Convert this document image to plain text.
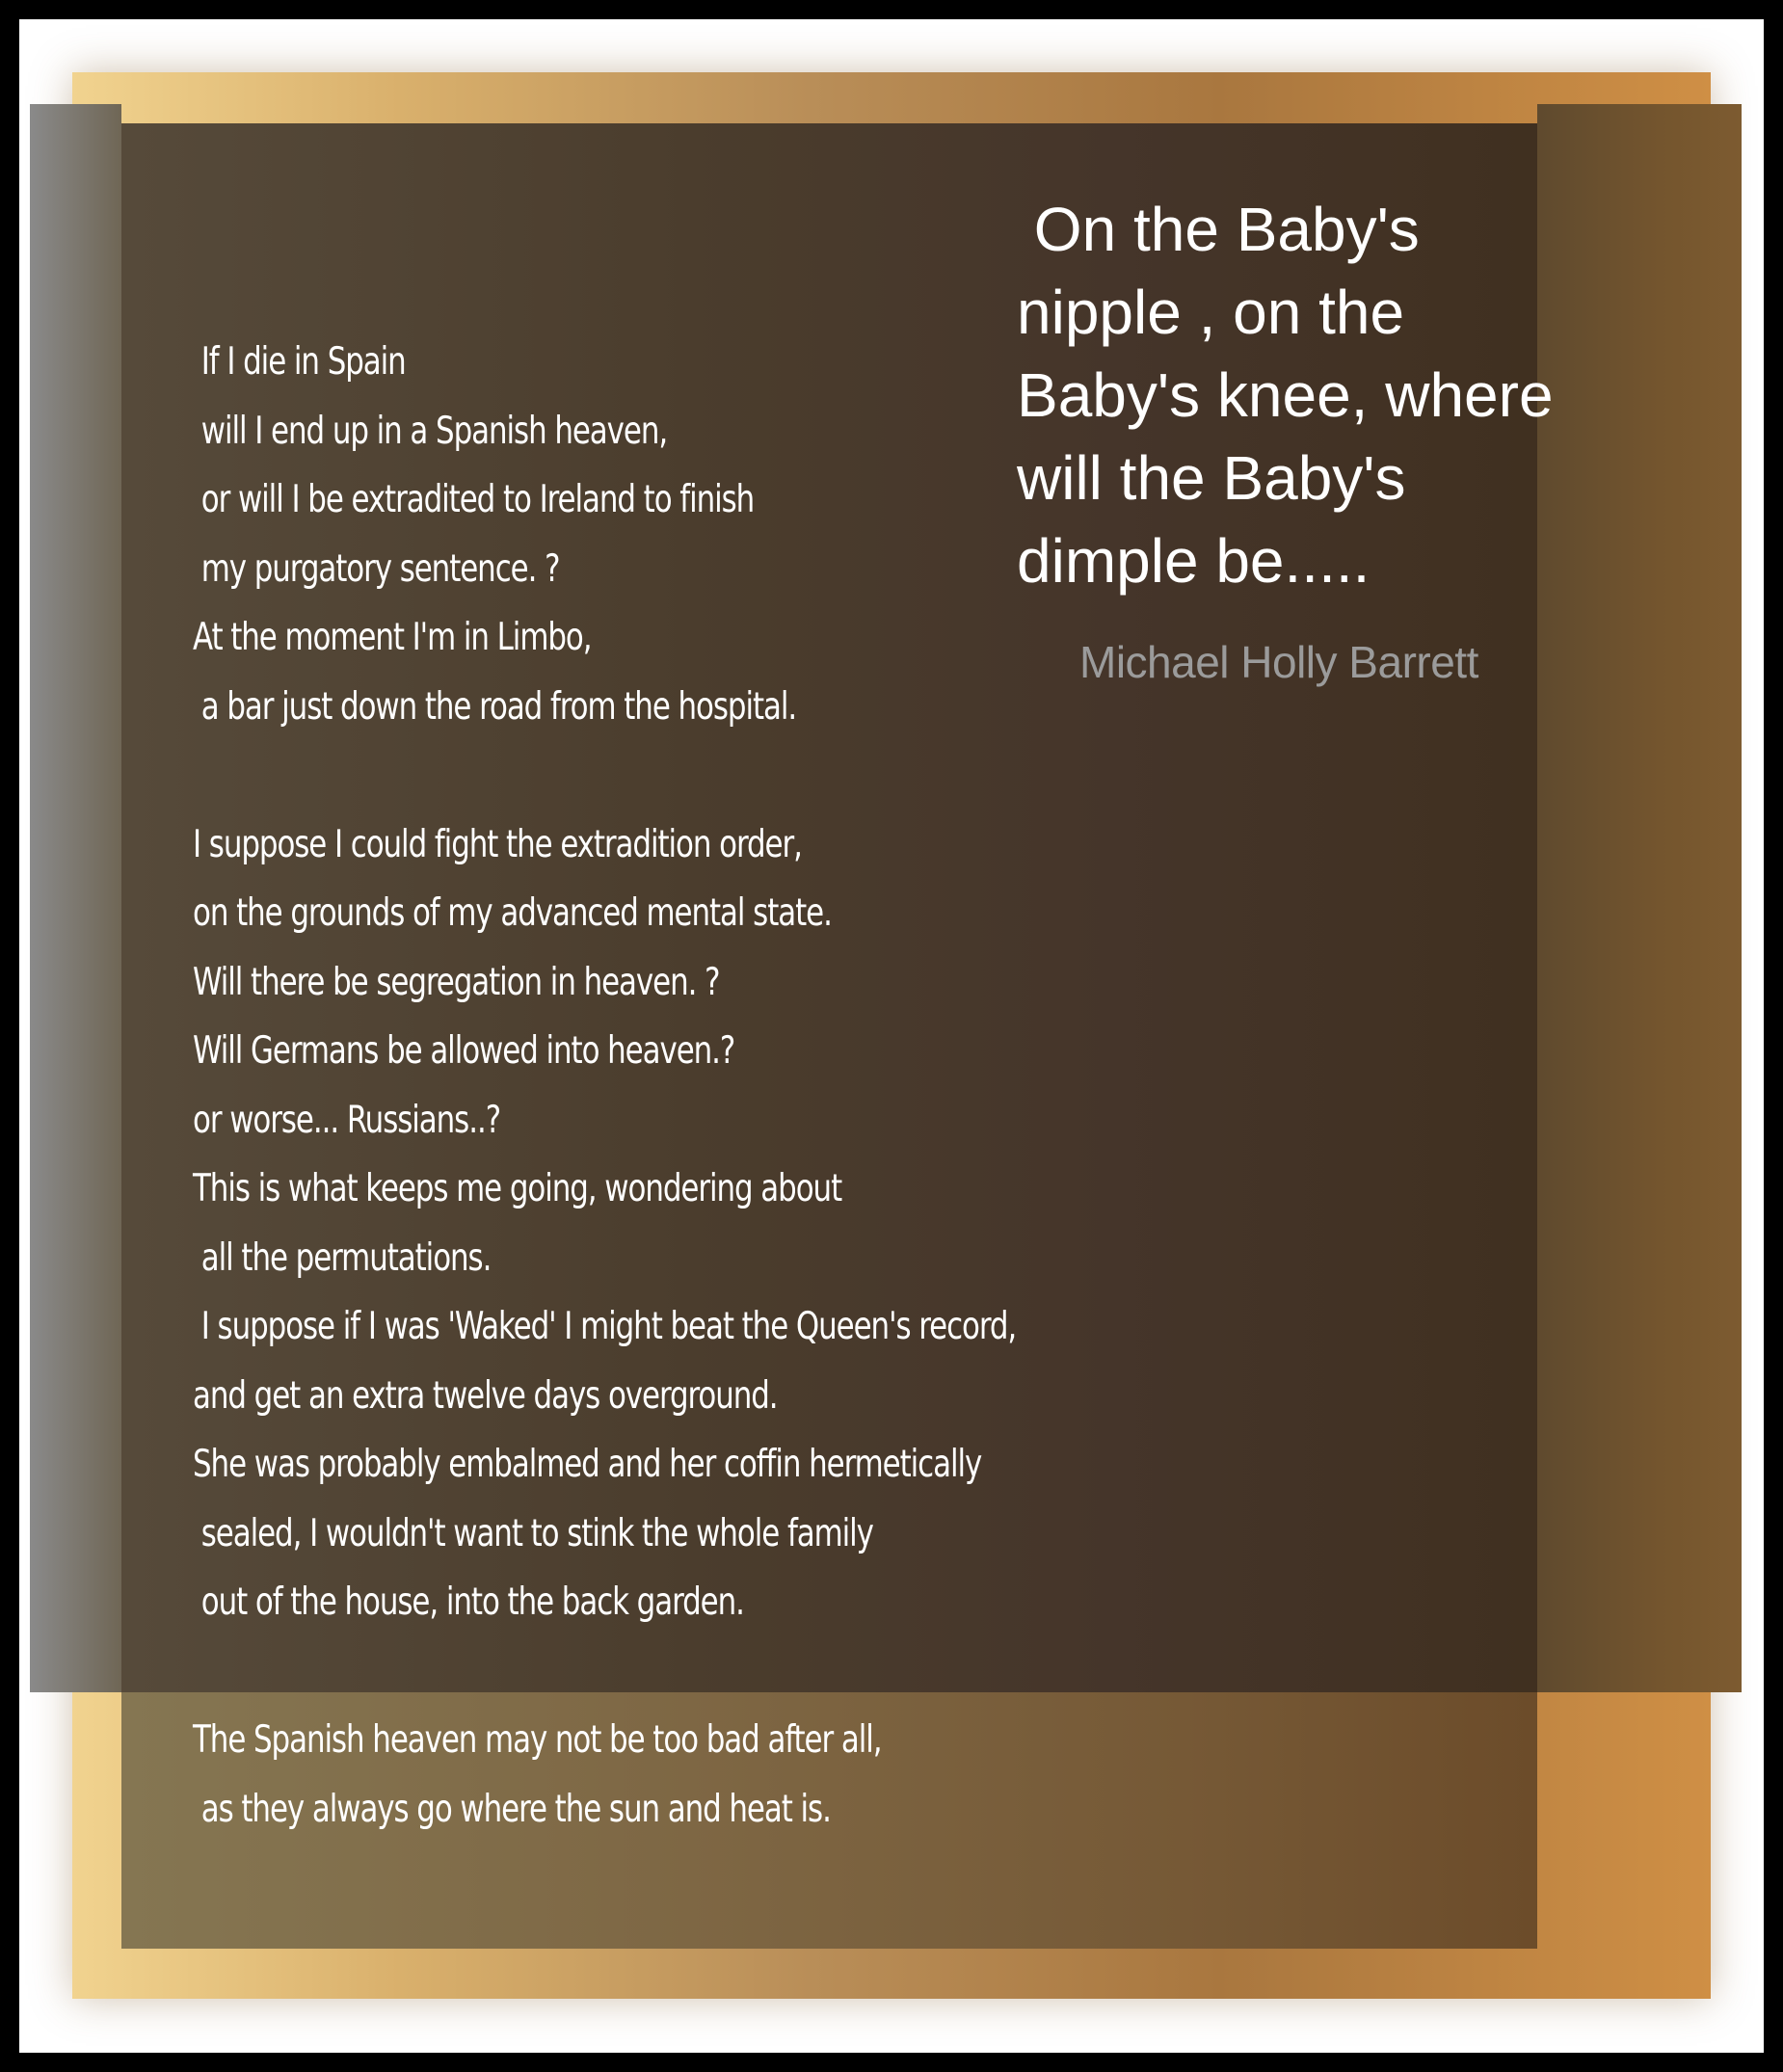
On the Baby's
nipple , on the
Baby's knee, where
will the Baby's
dimple be.....
Michael Holly Barrett
If I die in Spain
will I end up in a Spanish heaven,
or will I be extradited to Ireland to finish
my purgatory sentence. ?
At the moment I'm in Limbo,
a bar just down the road from the hospital.
I suppose I could fight the extradition order,
on the grounds of my advanced mental state.
Will there be segregation in heaven. ?
Will Germans be allowed into heaven.?
or worse... Russians..?
This is what keeps me going, wondering about
all the permutations.
I suppose if I was 'Waked' I might beat the Queen's record,
and get an extra twelve days overground.
She was probably embalmed and her coffin hermetically
sealed, I wouldn't want to stink the whole family
out of the house, into the back garden.
The Spanish heaven may not be too bad after all,
as they always go where the sun and heat is.
